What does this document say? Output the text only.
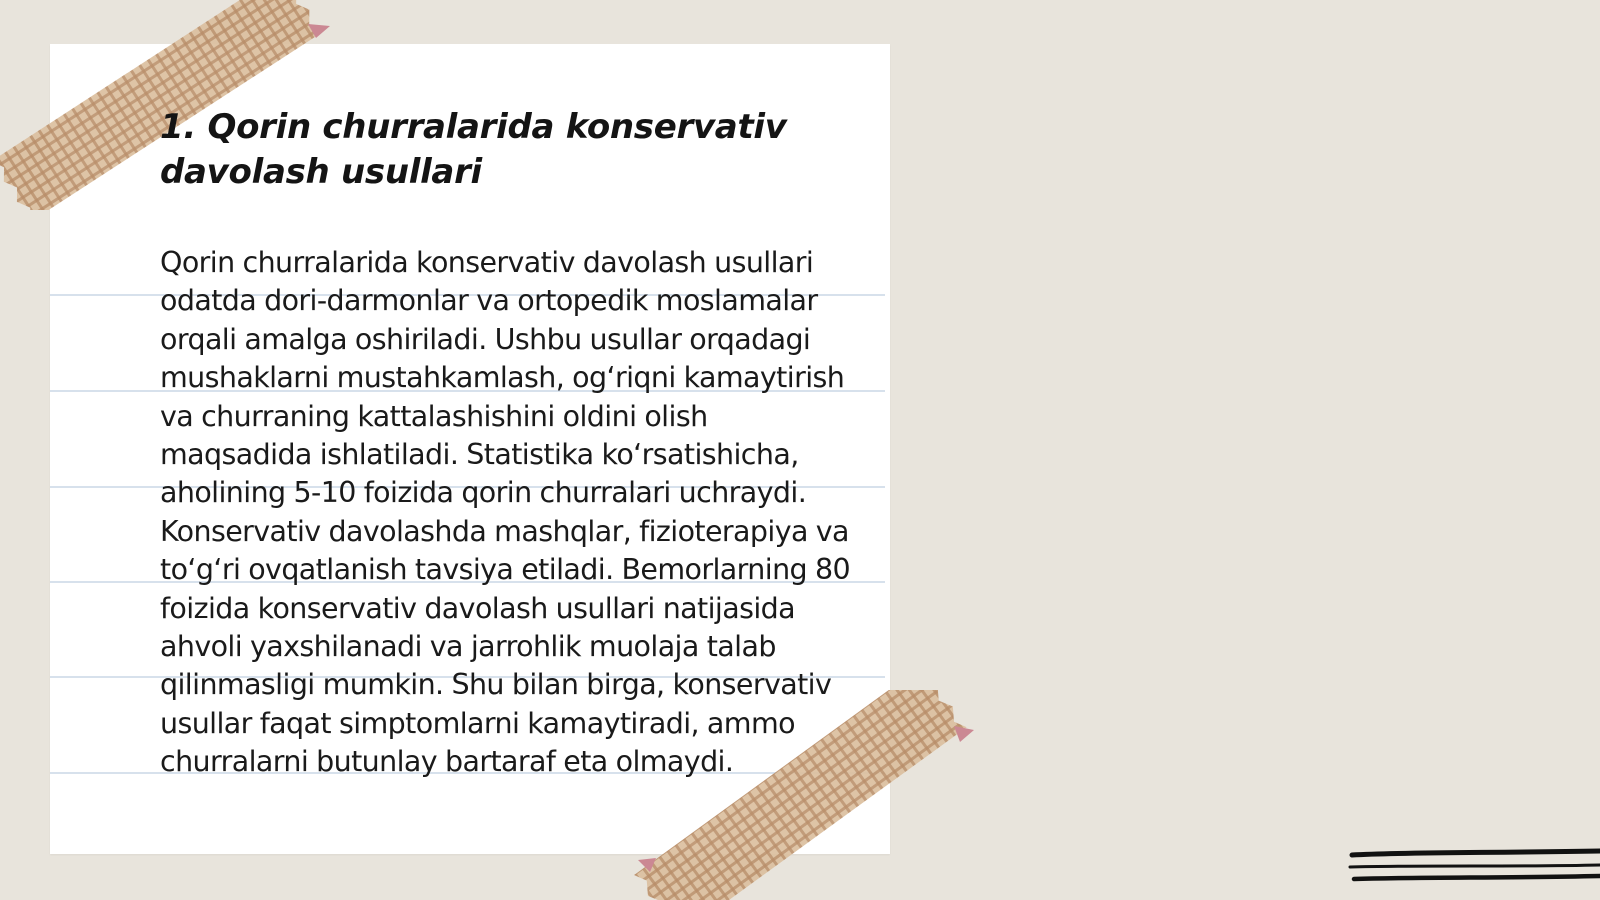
1. Qorin churralarida konservativ davolash usullari

Qorin churralarida konservativ davolash usullari odatda dori-darmonlar va ortopedik moslamalar orqali amalga oshiriladi. Ushbu usullar orqadagi mushaklarni mustahkamlash, og‘riqni kamaytirish va churraning kattalashishini oldini olish maqsadida ishlatiladi. Statistika ko‘rsatishicha, aholining 5-10 foizida qorin churralari uchraydi. Konservativ davolashda mashqlar, fizioterapiya va to‘g‘ri ovqatlanish tavsiya etiladi. Bemorlarning 80 foizida konservativ davolash usullari natijasida ahvoli yaxshilanadi va jarrohlik muolaja talab qilinmasligi mumkin. Shu bilan birga, konservativ usullar faqat simptomlarni kamaytiradi, ammo churralarni butunlay bartaraf eta olmaydi.
